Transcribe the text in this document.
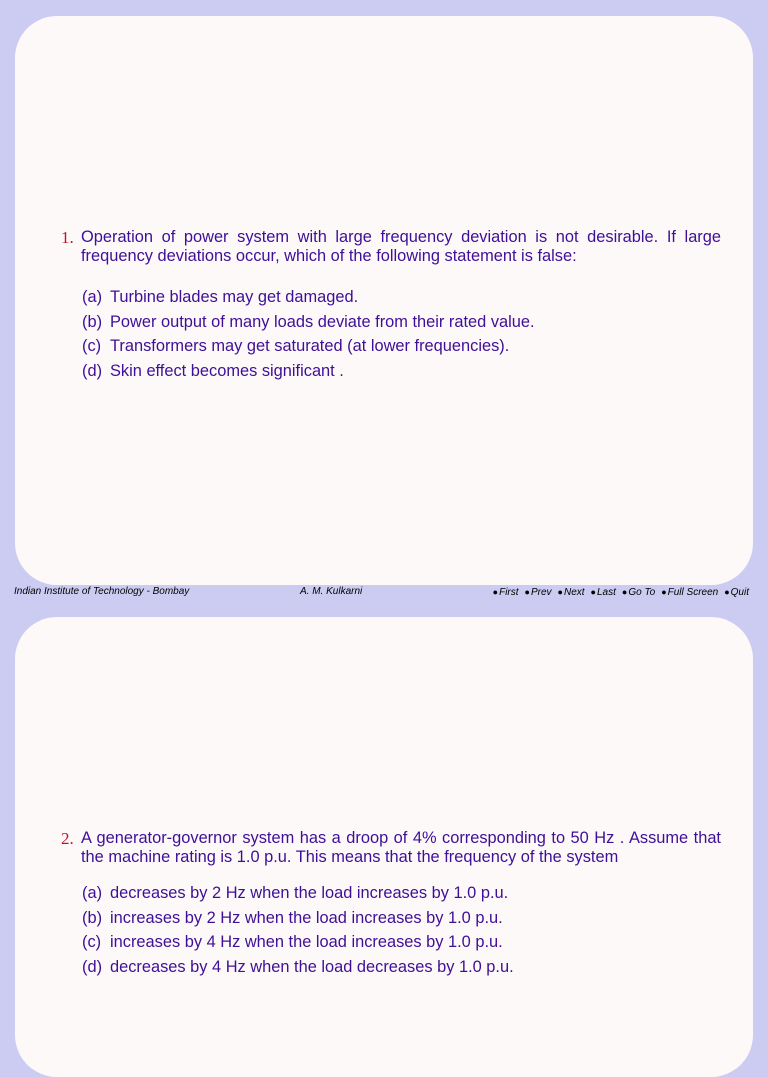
1. Operation of power system with large frequency deviation is not desirable. If large frequency deviations occur, which of the following statement is false:
(a) Turbine blades may get damaged.
(b) Power output of many loads deviate from their rated value.
(c) Transformers may get saturated (at lower frequencies).
(d) Skin effect becomes significant .
Indian Institute of Technology - Bombay	A. M. Kulkarni	● First	● Prev	● Next	● Last	● Go To	● Full Screen	● Quit
2. A generator-governor system has a droop of 4% corresponding to 50 Hz . Assume that the machine rating is 1.0 p.u. This means that the frequency of the system
(a) decreases by 2 Hz when the load increases by 1.0 p.u.
(b) increases by 2 Hz when the load increases by 1.0 p.u.
(c) increases by 4 Hz when the load increases by 1.0 p.u.
(d) decreases by 4 Hz when the load decreases by 1.0 p.u.
